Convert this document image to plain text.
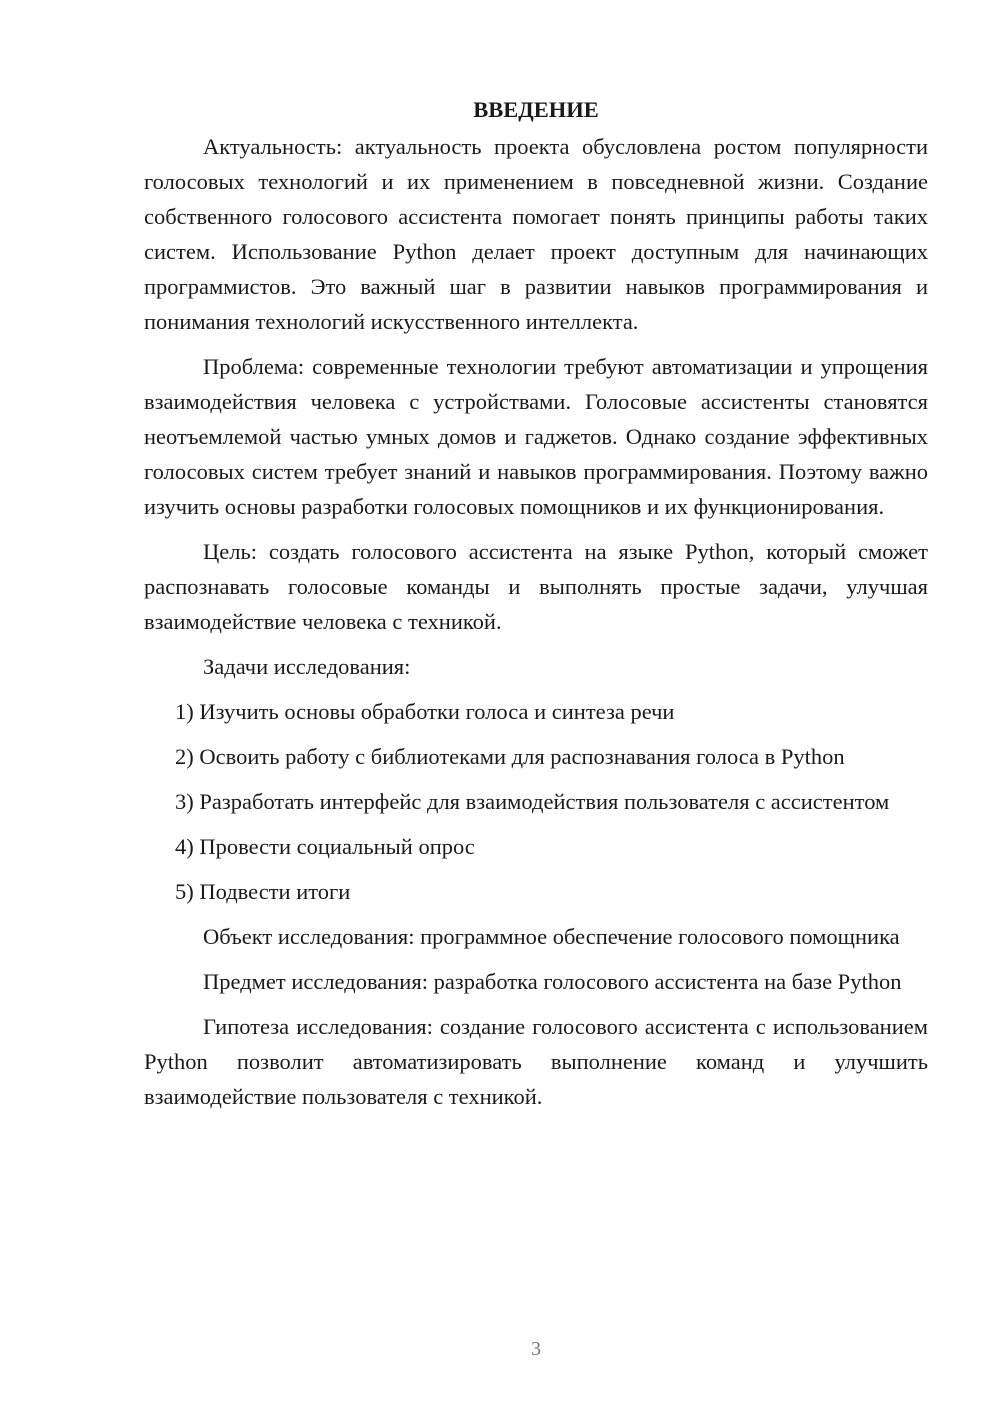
ВВЕДЕНИЕ

Актуальность: актуальность проекта обусловлена ростом популярности голосовых технологий и их применением в повседневной жизни. Создание собственного голосового ассистента помогает понять принципы работы таких систем. Использование Python делает проект доступным для начинающих программистов. Это важный шаг в развитии навыков программирования и понимания технологий искусственного интеллекта.

Проблема: современные технологии требуют автоматизации и упрощения взаимодействия человека с устройствами. Голосовые ассистенты становятся неотъемлемой частью умных домов и гаджетов. Однако создание эффективных голосовых систем требует знаний и навыков программирования. Поэтому важно изучить основы разработки голосовых помощников и их функционирования.

Цель: создать голосового ассистента на языке Python, который сможет распознавать голосовые команды и выполнять простые задачи, улучшая взаимодействие человека с техникой.

Задачи исследования:

1) Изучить основы обработки голоса и синтеза речи

2) Освоить работу с библиотеками для распознавания голоса в Python

3) Разработать интерфейс для взаимодействия пользователя с ассистентом

4) Провести социальный опрос

5) Подвести итоги

Объект исследования: программное обеспечение голосового помощника

Предмет исследования: разработка голосового ассистента на базе Python

Гипотеза исследования: создание голосового ассистента с использованием Python позволит автоматизировать выполнение команд и улучшить взаимодействие пользователя с техникой.

3
